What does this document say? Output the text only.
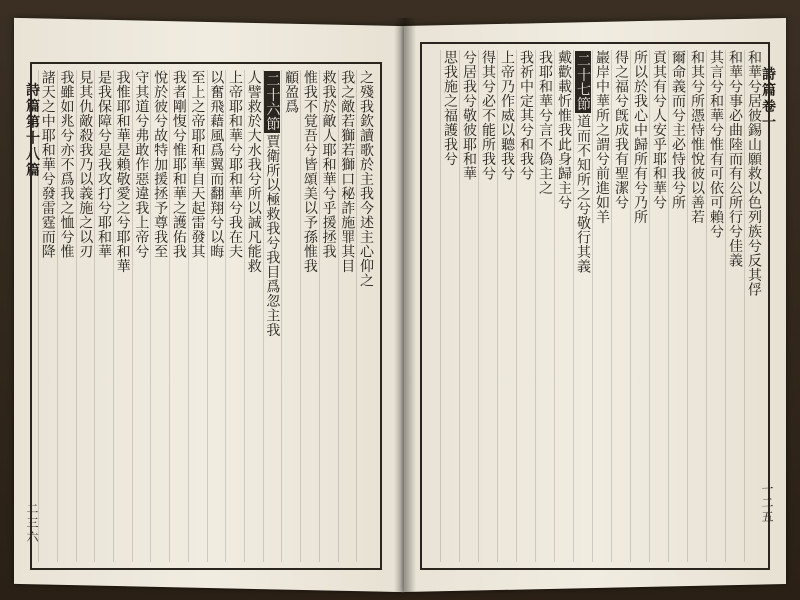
詩篇第十八篇
二三六
詩篇卷一
一二五
之殘我欽讀歌於主我今述主心仰之
我之敵若獅若獅口秘詐施罪其目
救我於敵人耶和華兮乎援拯我
惟我不覚吾兮皆頌美以予孫惟我
顧盈爲
二十六節賈衛所以極救我兮我目爲忽主我
人譬救於大水我兮所以誠凡能救
上帝耶和華兮耶和華兮我在夫
以奮飛藉風爲翼而翻翔兮以晦
至上之帝耶和華自天起雷發其
我者剛愎兮惟耶和華之護佑我
悅於彼兮故特加援拯予尊我至
守其道兮弗敢作惡違我上帝兮
我惟耶和華是賴敬愛之兮耶和華
是我保障兮是我攻打兮耶和華
見其仇敵殺我乃以義施之以刃
我雖如兆兮亦不爲我之恤兮惟
諸天之中耶和華兮發雷霆而降	和華兮居彼錫山願救以色列族兮反其俘
和華兮事必曲陸而有公所行兮佳義
其言兮和華兮惟有可依可賴兮
和其兮所憑恃惟悅彼以善若
爾命義而兮主必恃我兮所
貢其有兮人安乎耶和華兮
所以於我心中歸所有兮乃所
得之福兮旣成我有聖潔兮
巖岸中華所之謂兮前進如羊
二十七節道而不知所之兮敬行其義
戴歡載忻惟我此身歸主兮
我耶和華兮言不偽主之
我祈中定其兮和我兮
上帝乃作威以聽我兮
得其兮必不能所我兮
兮居我兮敬彼耶和華
思我施之福護我兮
